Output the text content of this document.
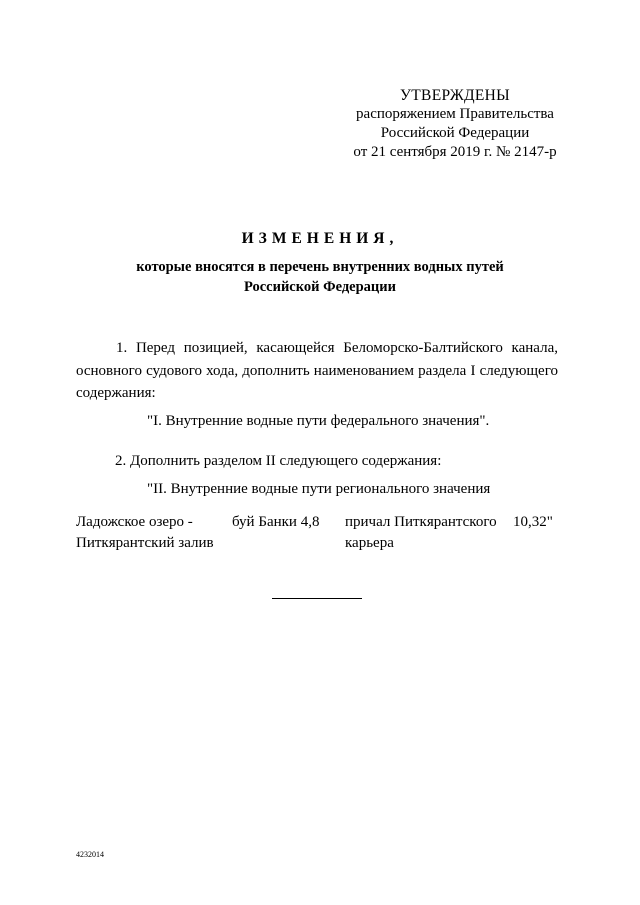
УТВЕРЖДЕНЫ
распоряжением Правительства
Российской Федерации
от 21 сентября 2019 г. № 2147-р
ИЗМЕНЕНИЯ,
которые вносятся в перечень внутренних водных путей
Российской Федерации
1. Перед позицией, касающейся Беломорско-Балтийского канала, основного судового хода, дополнить наименованием раздела I следующего содержания:
"I. Внутренние водные пути федерального значения".
2. Дополнить разделом II следующего содержания:
"II. Внутренние водные пути регионального значения
Ладожское озеро -
Питкярантский залив
буй Банки 4,8 причал Питкярантского
карьера
10,32"
4232014
